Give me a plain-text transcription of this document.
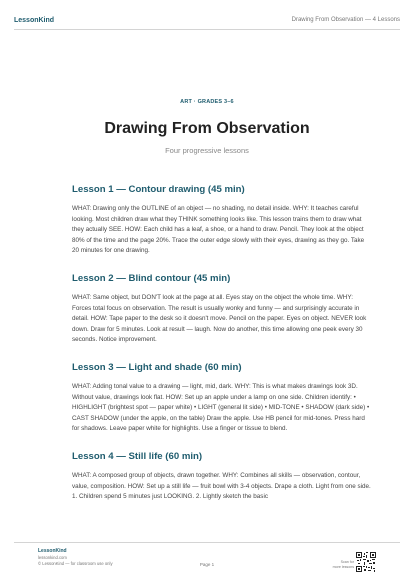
LessonKind	Drawing From Observation — 4 Lessons
ART · GRADES 3–6
Drawing From Observation
Four progressive lessons
Lesson 1 — Contour drawing (45 min)

WHAT: Drawing only the OUTLINE of an object — no shading, no detail inside. WHY: It teaches careful looking. Most children draw what they THINK something looks like. This lesson trains them to draw what they actually SEE. HOW: Each child has a leaf, a shoe, or a hand to draw. Pencil. They look at the object 80% of the time and the page 20%. Trace the outer edge slowly with their eyes, drawing as they go. Take 20 minutes for one drawing.

Lesson 2 — Blind contour (45 min)

WHAT: Same object, but DON'T look at the page at all. Eyes stay on the object the whole time. WHY: Forces total focus on observation. The result is usually wonky and funny — and surprisingly accurate in detail. HOW: Tape paper to the desk so it doesn't move. Pencil on the paper. Eyes on object. NEVER look down. Draw for 5 minutes. Look at result — laugh. Now do another, this time allowing one peek every 30 seconds. Notice improvement.

Lesson 3 — Light and shade (60 min)

WHAT: Adding tonal value to a drawing — light, mid, dark. WHY: This is what makes drawings look 3D. Without value, drawings look flat. HOW: Set up an apple under a lamp on one side. Children identify: • HIGHLIGHT (brightest spot — paper white) • LIGHT (general lit side) • MID-TONE • SHADOW (dark side) • CAST SHADOW (under the apple, on the table) Draw the apple. Use HB pencil for mid-tones. Press hard for shadows. Leave paper white for highlights. Use a finger or tissue to blend.

Lesson 4 — Still life (60 min)

WHAT: A composed group of objects, drawn together. WHY: Combines all skills — observation, contour, value, composition. HOW: Set up a still life — fruit bowl with 3-4 objects. Drape a cloth. Light from one side. 1. Children spend 5 minutes just LOOKING. 2. Lightly sketch the basic

LessonKind
lessonkind.com
© LessonKind — for classroom use only	Page 1	Scan for
more lessons
